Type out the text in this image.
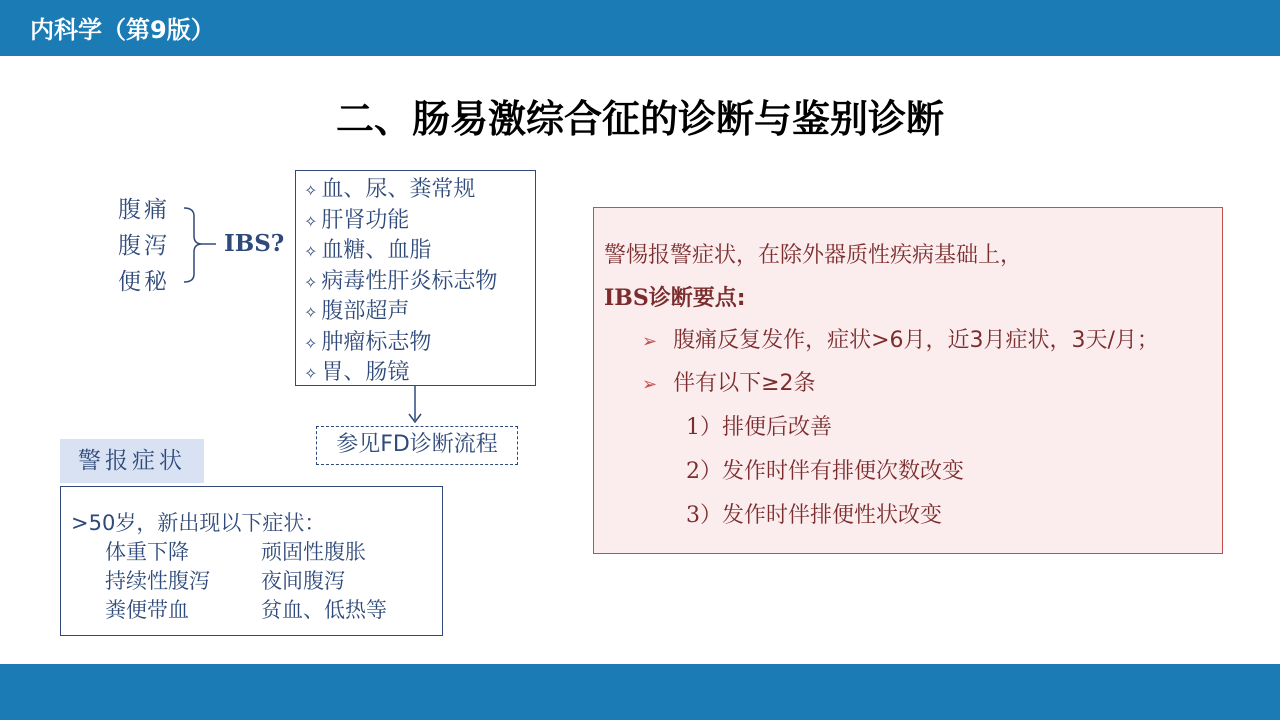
内科学（第9版）
二、肠易激综合征的诊断与鉴别诊断
腹痛
腹泻
便秘
IBS?
✧ 血、尿、粪常规
✧ 肝肾功能
✧ 血糖、血脂
✧ 病毒性肝炎标志物
✧ 腹部超声
✧ 肿瘤标志物
✧ 胃、肠镜
参见FD诊断流程
警报症状
>50岁，新出现以下症状：
体重下降	顽固性腹胀
持续性腹泻 夜间腹泻
粪便带血	贫血、低热等
警惕报警症状，在除外器质性疾病基础上，
IBS诊断要点:
➢ 腹痛反复发作，症状>6月，近3月症状，3天/月；
➢ 伴有以下≥2条
1）排便后改善
2）发作时伴有排便次数改变
3）发作时伴排便性状改变
